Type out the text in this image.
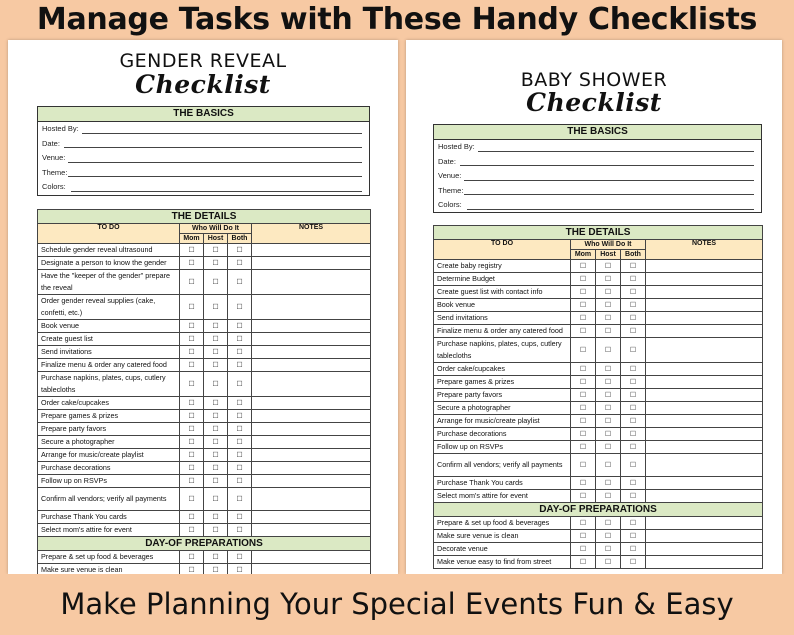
Manage Tasks with These Handy Checklists
GENDER REVEAL
Checklist
THE BASICS
Hosted By:
Date:
Venue:
Theme:
Colors:
THE DETAILS				
TO DO	Who Will Do It			NOTES
	Mom	Host	Both	
Schedule gender reveal ultrasound	☐	☐	☐	
Designate a person to know the gender	☐	☐	☐	
Have the "keeper of the gender" prepare the reveal	☐	☐	☐	
Order gender reveal supplies (cake, confetti, etc.)	☐	☐	☐	
Book venue	☐	☐	☐	
Create guest list	☐	☐	☐	
Send invitations	☐	☐	☐	
Finalize menu & order any catered food	☐	☐	☐	
Purchase napkins, plates, cups, cutlery tablecloths	☐	☐	☐	
Order cake/cupcakes	☐	☐	☐	
Prepare games & prizes	☐	☐	☐	
Prepare party favors	☐	☐	☐	
Secure a photographer	☐	☐	☐	
Arrange for music/create playlist	☐	☐	☐	
Purchase decorations	☐	☐	☐	
Follow up on RSVPs	☐	☐	☐	
Confirm all vendors; verify all payments	☐	☐	☐	
Purchase Thank You cards	☐	☐	☐	
Select mom's attire for event	☐	☐	☐	
DAY-OF PREPARATIONS				
Prepare & set up food & beverages	☐	☐	☐	
Make sure venue is clean	☐	☐	☐	

BABY SHOWER
Checklist
THE BASICS
Hosted By:
Date:
Venue:
Theme:
Colors:
THE DETAILS				
TO DO	Who Will Do It			NOTES
	Mom	Host	Both	
Create baby registry	☐	☐	☐	
Determine Budget	☐	☐	☐	
Create guest list with contact info	☐	☐	☐	
Book venue	☐	☐	☐	
Send invitations	☐	☐	☐	
Finalize menu & order any catered food	☐	☐	☐	
Purchase napkins, plates, cups, cutlery tablecloths	☐	☐	☐	
Order cake/cupcakes	☐	☐	☐	
Prepare games & prizes	☐	☐	☐	
Prepare party favors	☐	☐	☐	
Secure a photographer	☐	☐	☐	
Arrange for music/create playlist	☐	☐	☐	
Purchase decorations	☐	☐	☐	
Follow up on RSVPs	☐	☐	☐	
Confirm all vendors; verify all payments	☐	☐	☐	
Purchase Thank You cards	☐	☐	☐	
Select mom's attire for event	☐	☐	☐	
DAY-OF PREPARATIONS				
Prepare & set up food & beverages	☐	☐	☐	
Make sure venue is clean	☐	☐	☐	
Decorate venue	☐	☐	☐	
Make venue easy to find from street	☐	☐	☐	
Make Planning Your Special Events Fun & Easy
